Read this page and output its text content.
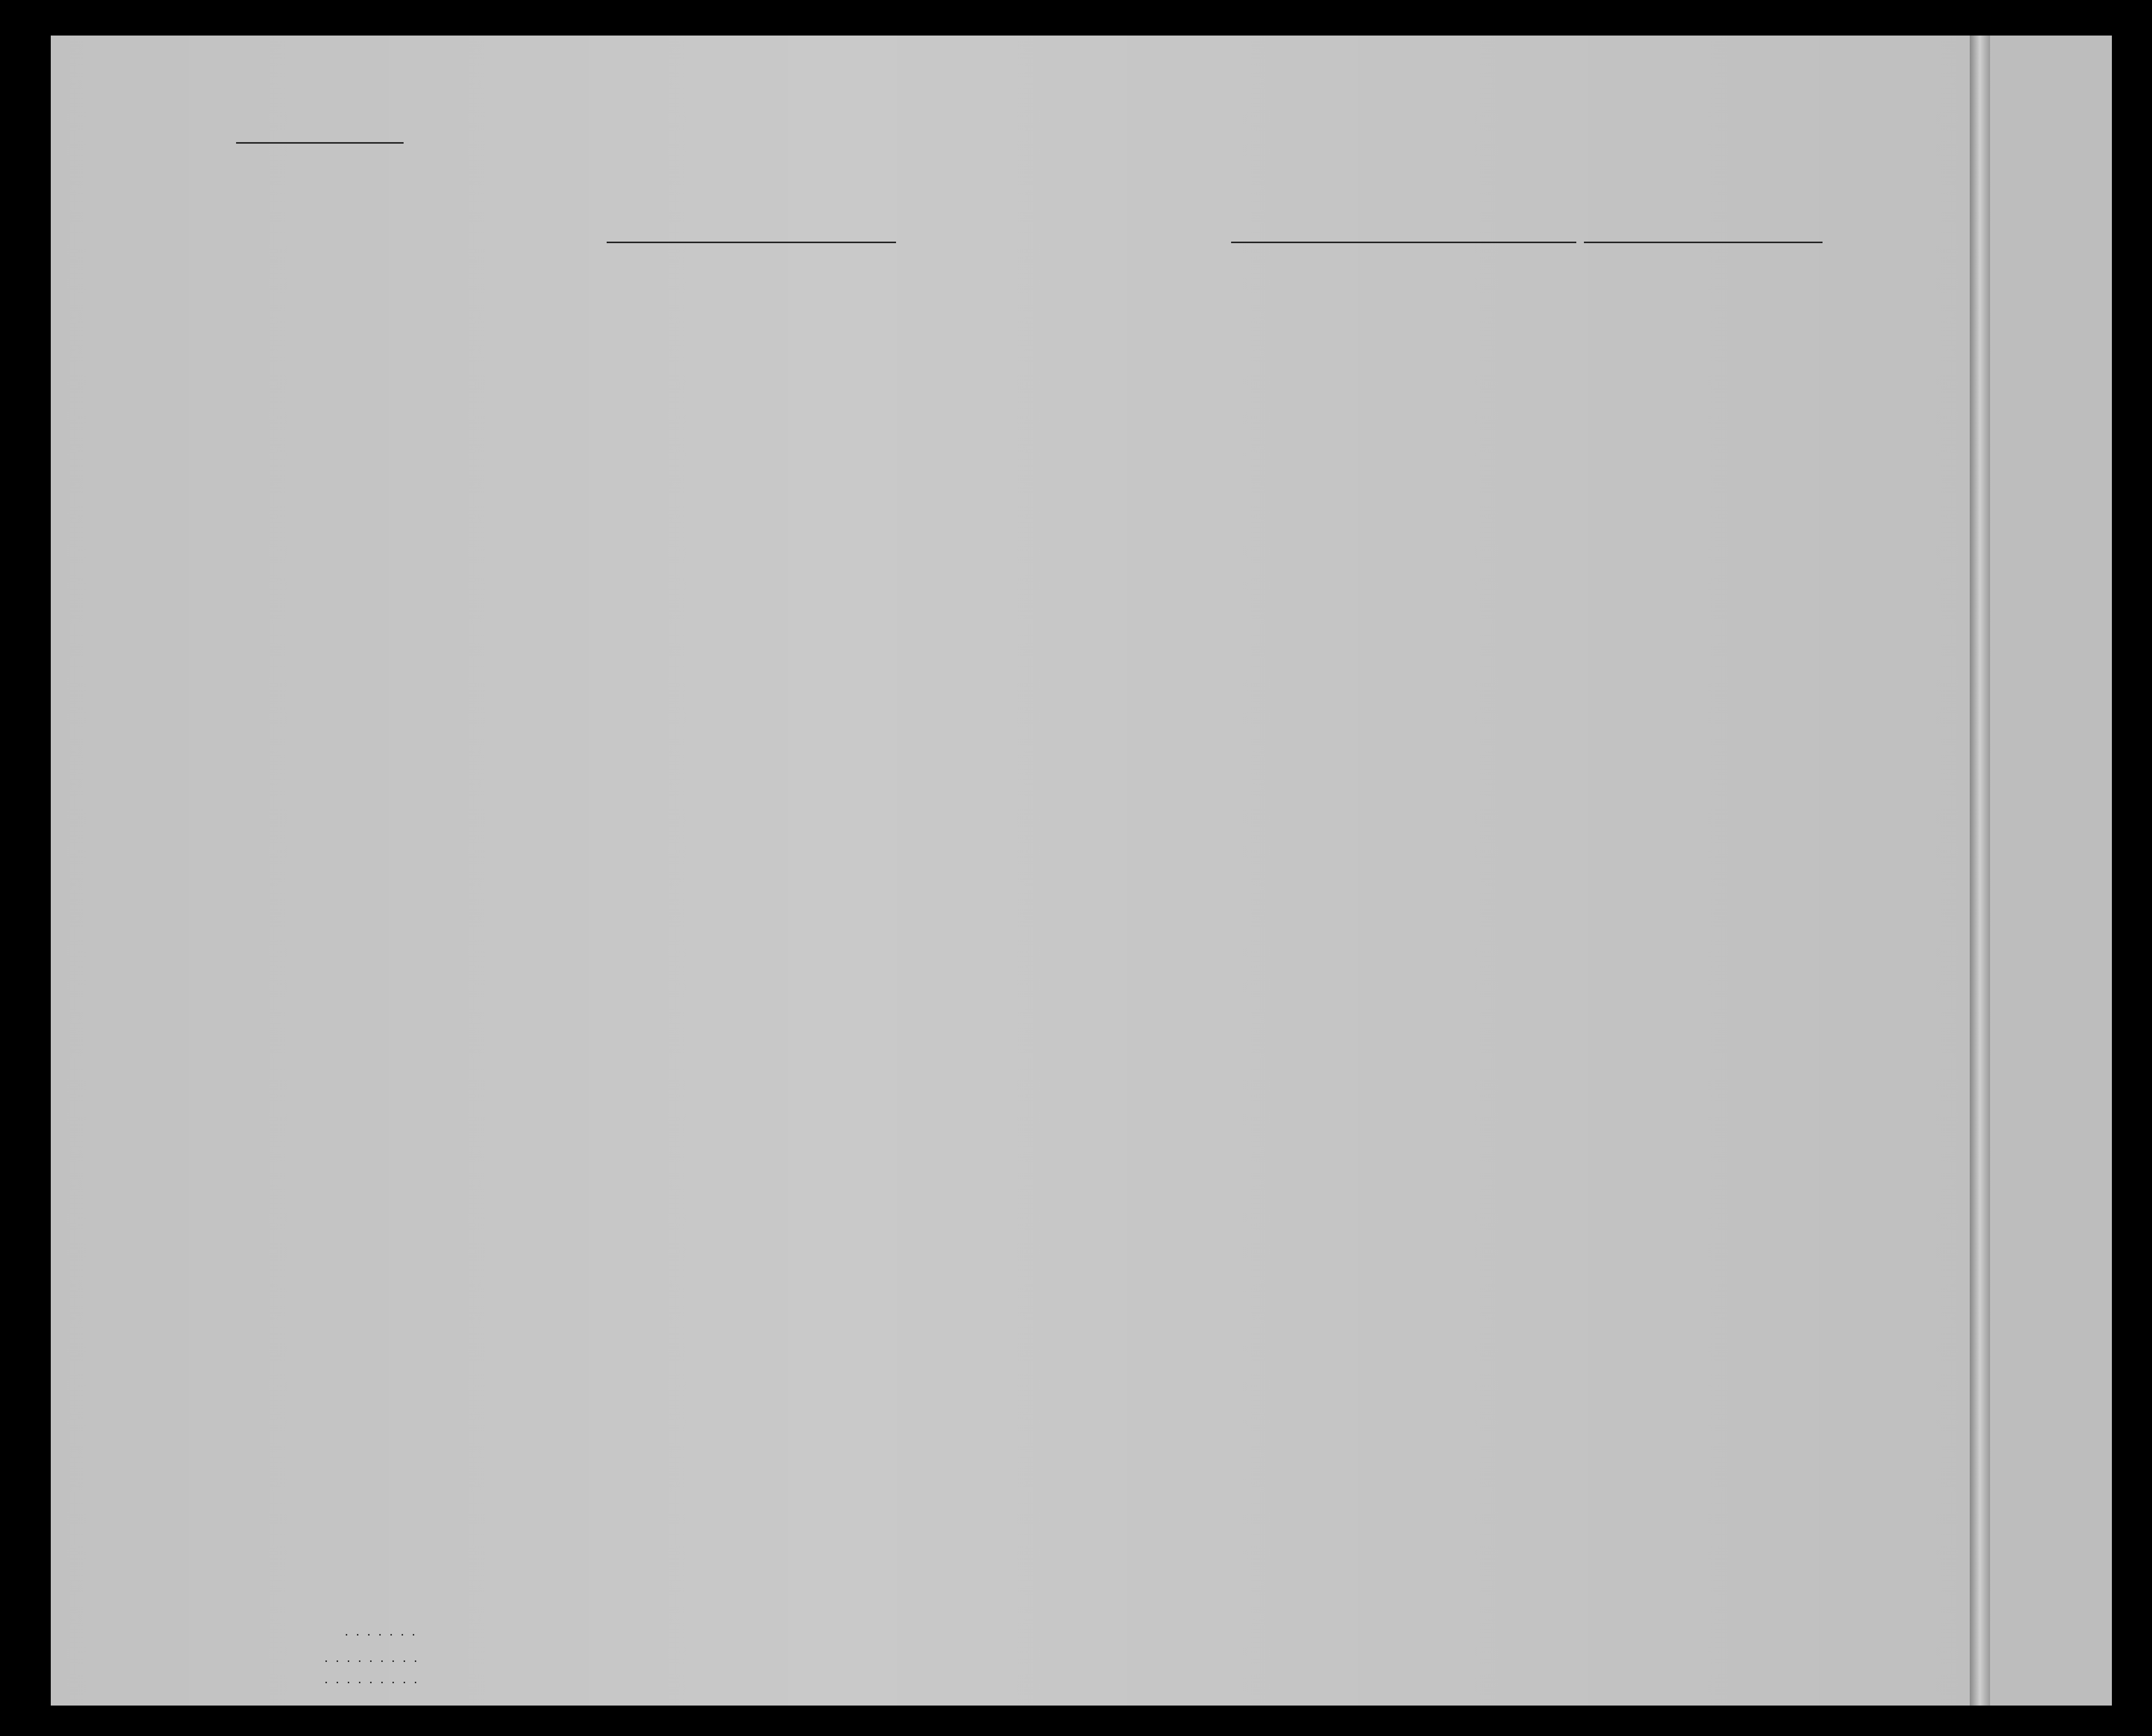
. . . . . . .
. . . . . . . . .
. . . . . . . . .
